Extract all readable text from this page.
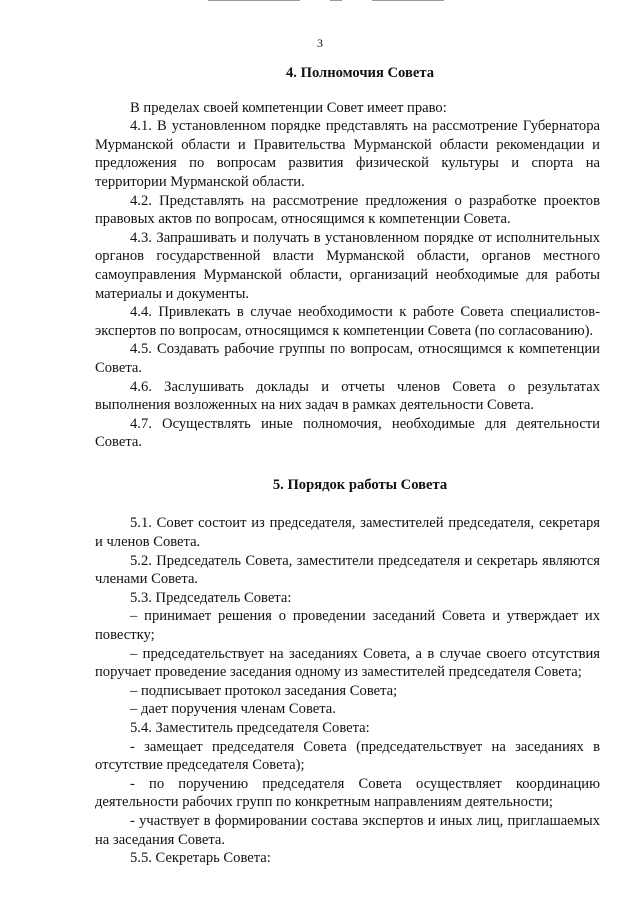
3
4. Полномочия Совета

В пределах своей компетенции Совет имеет право:

4.1. В установленном порядке представлять на рассмотрение Губернатора Мурманской области и Правительства Мурманской области рекомендации и предложения по вопросам развития физической культуры и спорта на территории Мурманской области.

4.2. Представлять на рассмотрение предложения о разработке проектов правовых актов по вопросам, относящимся к компетенции Совета.

4.3. Запрашивать и получать в установленном порядке от исполнительных органов государственной власти Мурманской области, органов местного самоуправления Мурманской области, организаций необходимые для работы материалы и документы.

4.4. Привлекать в случае необходимости к работе Совета специалистов-экспертов по вопросам, относящимся к компетенции Совета (по согласованию).

4.5. Создавать рабочие группы по вопросам, относящимся к компетенции Совета.

4.6. Заслушивать доклады и отчеты членов Совета о результатах выполнения возложенных на них задач в рамках деятельности Совета.

4.7. Осуществлять иные полномочия, необходимые для деятельности Совета.

5. Порядок работы Совета

5.1. Совет состоит из председателя, заместителей председателя, секретаря и членов Совета.

5.2. Председатель Совета, заместители председателя и секретарь являются членами Совета.

5.3. Председатель Совета:

– принимает решения о проведении заседаний Совета и утверждает их повестку;

– председательствует на заседаниях Совета, а в случае своего отсутствия поручает проведение заседания одному из заместителей председателя Совета;

– подписывает протокол заседания Совета;

– дает поручения членам Совета.

5.4. Заместитель председателя Совета:

- замещает председателя Совета (председательствует на заседаниях в отсутствие председателя Совета);

- по поручению председателя Совета осуществляет координацию деятельности рабочих групп по конкретным направлениям деятельности;

- участвует в формировании состава экспертов и иных лиц, приглашаемых на заседания Совета.

5.5. Секретарь Совета:
